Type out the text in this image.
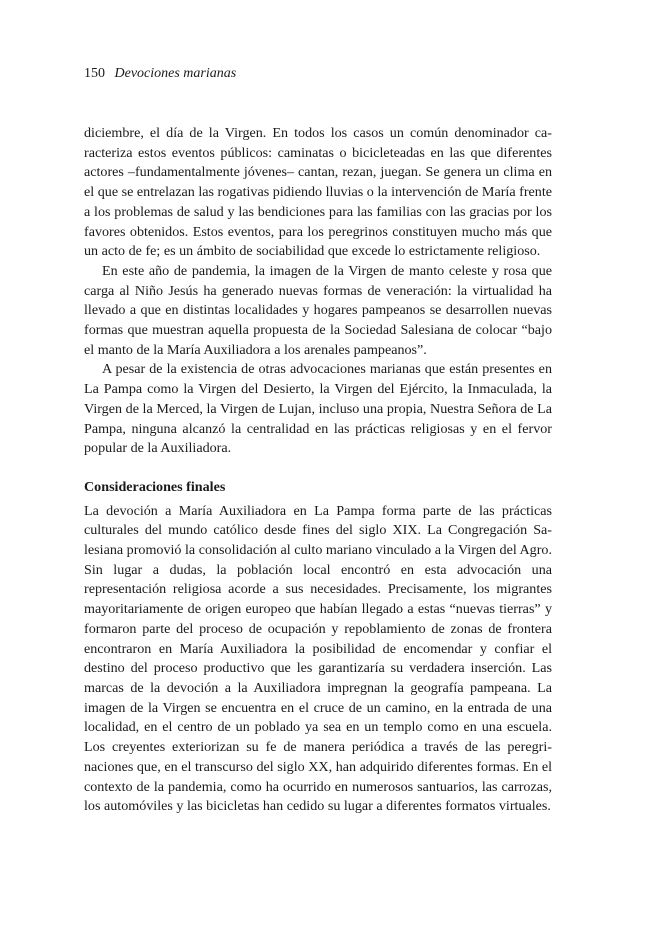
150 Devociones marianas

diciembre, el día de la Virgen. En todos los casos un común denominador caracteriza estos eventos públicos: caminatas o bicicleteadas en las que diferentes actores –fundamentalmente jóvenes– cantan, rezan, juegan. Se genera un clima en el que se entrelazan las rogativas pidiendo lluvias o la intervención de María frente a los problemas de salud y las bendiciones para las familias con las gracias por los favores obtenidos. Estos eventos, para los peregrinos constituyen mucho más que un acto de fe; es un ámbito de sociabilidad que excede lo estrictamente religioso.

En este año de pandemia, la imagen de la Virgen de manto celeste y rosa que carga al Niño Jesús ha generado nuevas formas de veneración: la virtualidad ha llevado a que en distintas localidades y hogares pampeanos se desarrollen nuevas formas que muestran aquella propuesta de la Sociedad Salesiana de colocar “bajo el manto de la María Auxiliadora a los arenales pampeanos”.

A pesar de la existencia de otras advocaciones marianas que están presentes en La Pampa como la Virgen del Desierto, la Virgen del Ejército, la Inmaculada, la Virgen de la Merced, la Virgen de Lujan, incluso una propia, Nuestra Señora de La Pampa, ninguna alcanzó la centralidad en las prácticas religiosas y en el fervor popular de la Auxiliadora.

Consideraciones finales

La devoción a María Auxiliadora en La Pampa forma parte de las prácticas culturales del mundo católico desde fines del siglo XIX. La Congregación Salesiana promovió la consolidación al culto mariano vinculado a la Virgen del Agro. Sin lugar a dudas, la población local encontró en esta advocación una representación religiosa acorde a sus necesidades. Precisamente, los migrantes mayoritariamente de origen europeo que habían llegado a estas “nuevas tierras” y formaron parte del proceso de ocupación y repoblamiento de zonas de frontera encontraron en María Auxiliadora la posibilidad de encomendar y confiar el destino del proceso productivo que les garantizaría su verdadera inserción. Las marcas de la devoción a la Auxiliadora impregnan la geografía pampeana. La imagen de la Virgen se encuentra en el cruce de un camino, en la entrada de una localidad, en el centro de un poblado ya sea en un templo como en una escuela. Los creyentes exteriorizan su fe de manera periódica a través de las peregrinaciones que, en el transcurso del siglo XX, han adquirido diferentes formas. En el contexto de la pandemia, como ha ocurrido en numerosos santuarios, las carrozas, los automóviles y las bicicletas han cedido su lugar a diferentes formatos virtuales.
